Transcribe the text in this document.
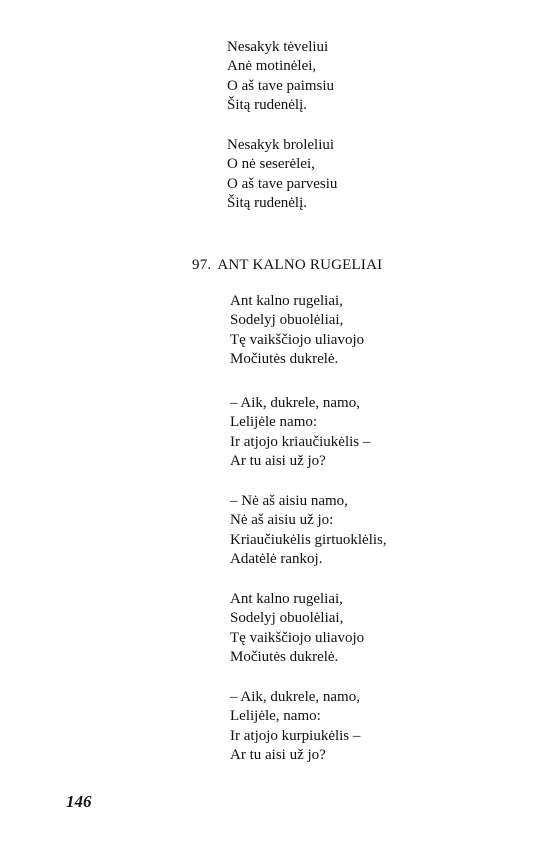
Nesakyk tėveliui
Anė motinėlei,
O aš tave paimsiu
Šitą rudenėlį.
Nesakyk broleliui
O nė seserėlei,
O aš tave parvesiu
Šitą rudenėlį.
97. ANT KALNO RUGELIAI
Ant kalno rugeliai,
Sodelyj obuolėliai,
Tę vaikščiojo uliavojo
Močiutės dukrelė.
– Aik, dukrele, namo,
Lelijėle namo:
Ir atjojo kriaučiukėlis –
Ar tu aisi už jo?
– Nė aš aisiu namo,
Nė aš aisiu už jo:
Kriaučiukėlis girtuoklėlis,
Adatėlė rankoj.
Ant kalno rugeliai,
Sodelyj obuolėliai,
Tę vaikščiojo uliavojo
Močiutės dukrelė.
– Aik, dukrele, namo,
Lelijėle, namo:
Ir atjojo kurpiukėlis –
Ar tu aisi už jo?
146
